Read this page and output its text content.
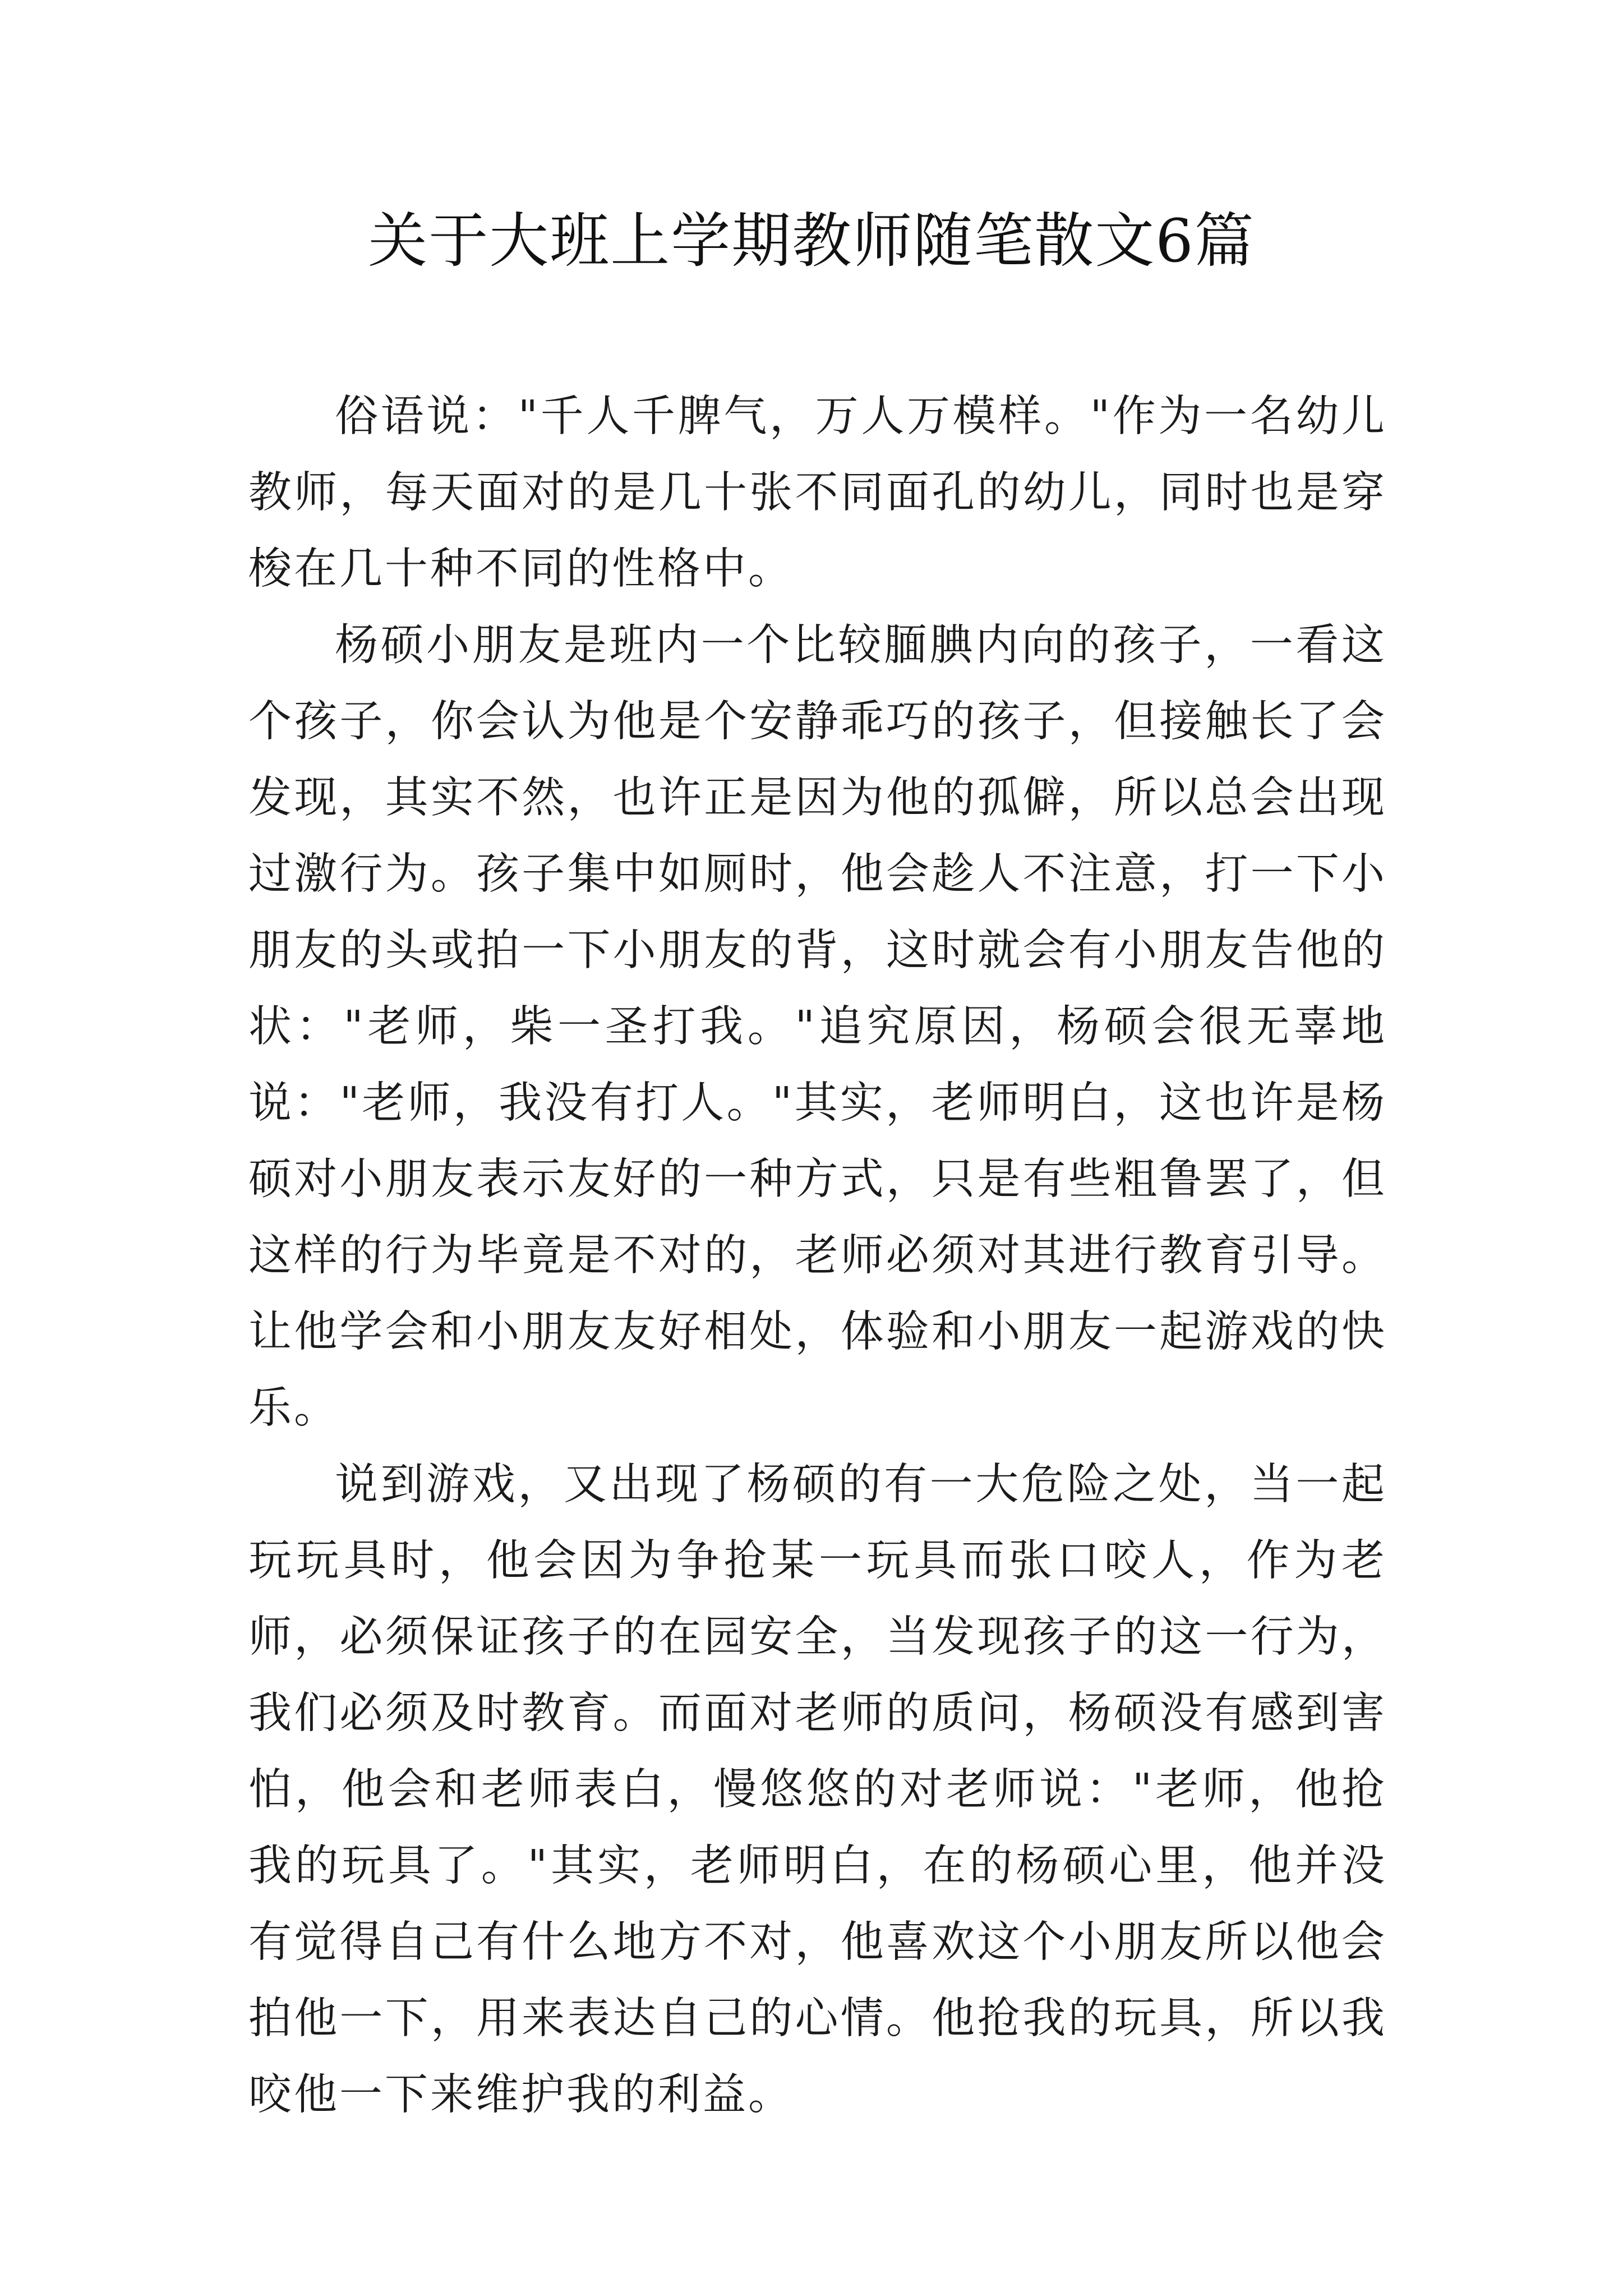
关于大班上学期教师随笔散文6篇

俗语说："千人千脾气，万人万模样。"作为一名幼儿教师，每天面对的是几十张不同面孔的幼儿，同时也是穿梭在几十种不同的性格中。

杨硕小朋友是班内一个比较腼腆内向的孩子，一看这个孩子，你会认为他是个安静乖巧的孩子，但接触长了会发现，其实不然，也许正是因为他的孤僻，所以总会出现过激行为。孩子集中如厕时，他会趁人不注意，打一下小朋友的头或拍一下小朋友的背，这时就会有小朋友告他的状："老师，柴一圣打我。"追究原因，杨硕会很无辜地说："老师，我没有打人。"其实，老师明白，这也许是杨硕对小朋友表示友好的一种方式，只是有些粗鲁罢了，但这样的行为毕竟是不对的，老师必须对其进行教育引导。让他学会和小朋友友好相处，体验和小朋友一起游戏的快乐。

说到游戏，又出现了杨硕的有一大危险之处，当一起玩玩具时，他会因为争抢某一玩具而张口咬人，作为老师，必须保证孩子的在园安全，当发现孩子的这一行为，我们必须及时教育。而面对老师的质问，杨硕没有感到害怕，他会和老师表白，慢悠悠的对老师说："老师，他抢我的玩具了。"其实，老师明白，在的杨硕心里，他并没有觉得自己有什么地方不对，他喜欢这个小朋友所以他会拍他一下，用来表达自己的心情。他抢我的玩具，所以我咬他一下来维护我的利益。
